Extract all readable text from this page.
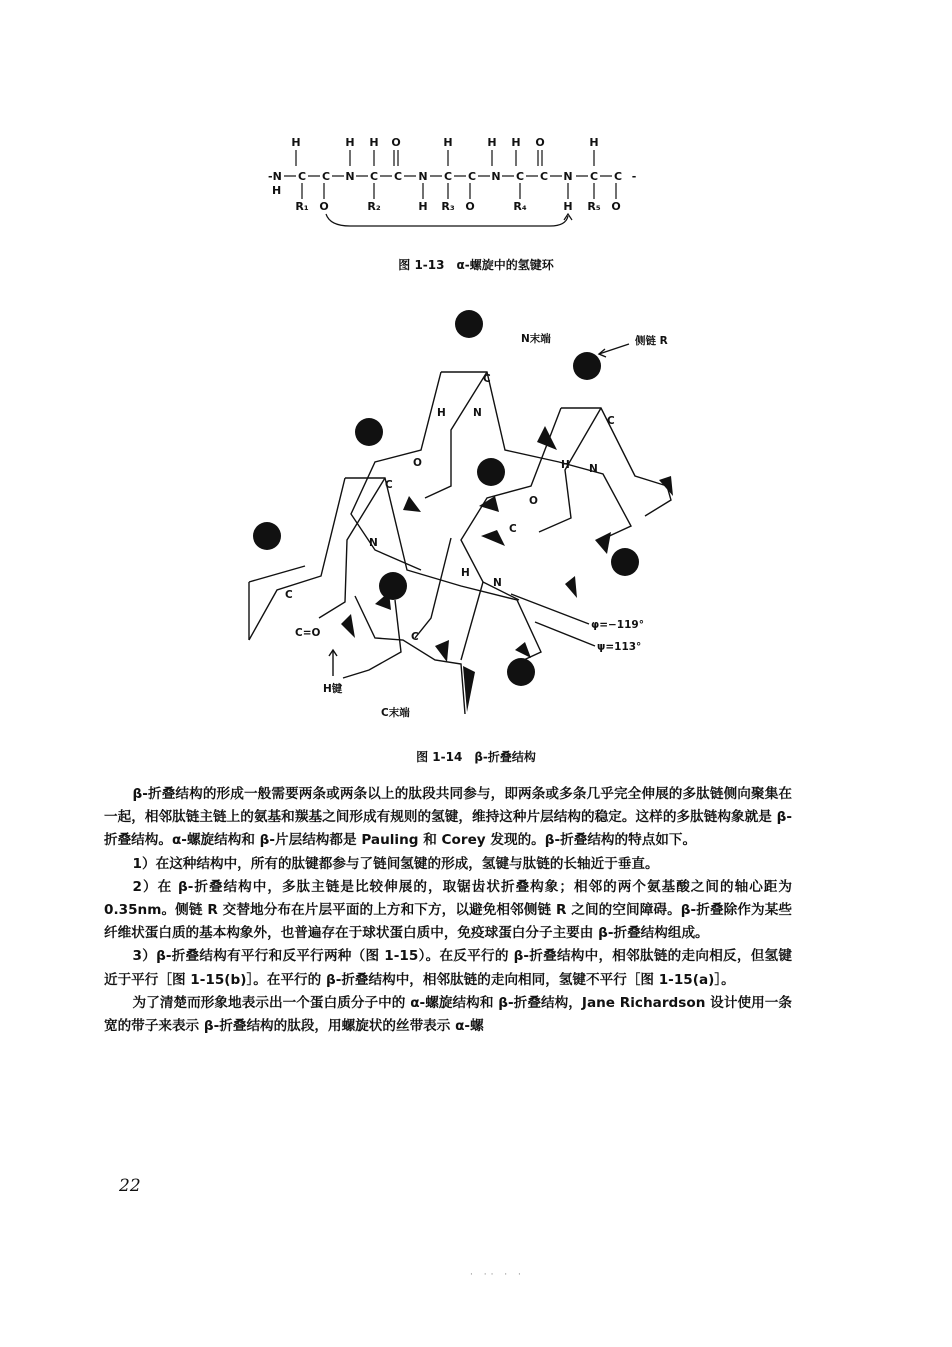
H	H H O	H	H H O	H
-N C C N C C N C C N C C N C C -
H
R₁ O	R₂	H R₃ O	R₄	H R₅ O
图 1-13　α-螺旋中的氢键环
N末端	侧链 R
C末端
H键
φ=−119°
ψ=113°
C
C
C
C
C
C
N
N
N
N
H
H
O
O
C=O
H
图 1-14　β-折叠结构

β-折叠结构的形成一般需要两条或两条以上的肽段共同参与，即两条或多条几乎完全伸展的多肽链侧向聚集在一起，相邻肽链主链上的氨基和羰基之间形成有规则的氢键，维持这种片层结构的稳定。这样的多肽链构象就是 β-折叠结构。α-螺旋结构和 β-片层结构都是 Pauling 和 Corey 发现的。β-折叠结构的特点如下。

1）在这种结构中，所有的肽键都参与了链间氢键的形成，氢键与肽链的长轴近于垂直。

2）在 β-折叠结构中，多肽主链是比较伸展的，取锯齿状折叠构象；相邻的两个氨基酸之间的轴心距为 0.35nm。侧链 R 交替地分布在片层平面的上方和下方，以避免相邻侧链 R 之间的空间障碍。β-折叠除作为某些纤维状蛋白质的基本构象外，也普遍存在于球状蛋白质中，免疫球蛋白分子主要由 β-折叠结构组成。

3）β-折叠结构有平行和反平行两种（图 1-15）。在反平行的 β-折叠结构中，相邻肽链的走向相反，但氢键近于平行［图 1-15(b)］。在平行的 β-折叠结构中，相邻肽链的走向相同，氢键不平行［图 1-15(a)］。

为了清楚而形象地表示出一个蛋白质分子中的 α-螺旋结构和 β-折叠结构，Jane Richardson 设计使用一条宽的带子来表示 β-折叠结构的肽段，用螺旋状的丝带表示 α-螺

22
· ·· · ·
